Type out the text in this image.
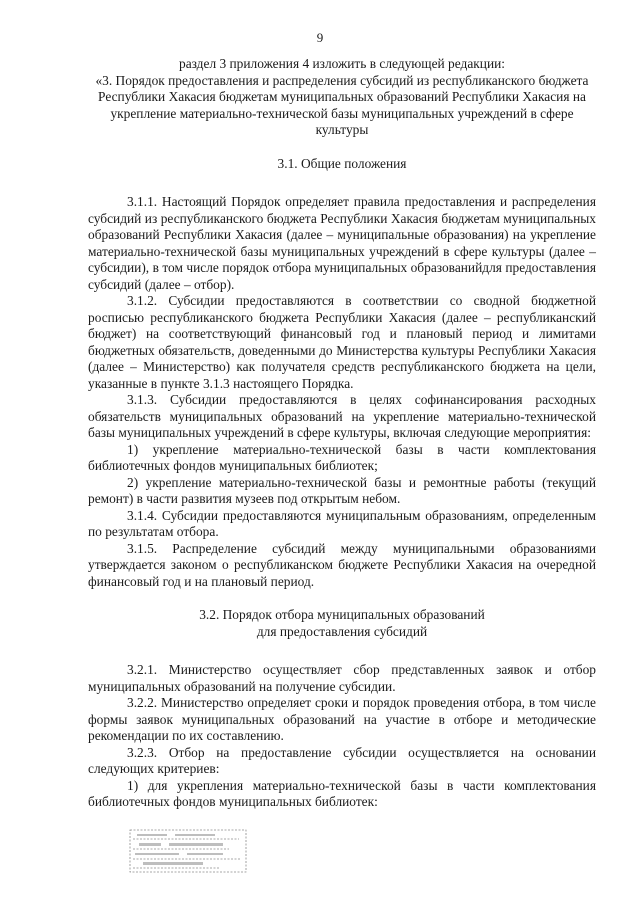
9

раздел 3 приложения 4 изложить в следующей редакции:

«3. Порядок предоставления и распределения субсидий из республиканского бюджета Республики Хакасия бюджетам муниципальных образований Республики Хакасия на укрепление материально-технической базы муниципальных учреждений в сфере культуры

3.1. Общие положения

3.1.1. Настоящий Порядок определяет правила предоставления и распределения субсидий из республиканского бюджета Республики Хакасия бюджетам муниципальных образований Республики Хакасия (далее – муниципальные образования) на укрепление материально-технической базы муниципальных учреждений в сфере культуры (далее – субсидии), в том числе порядок отбора муниципальных образованийдля предоставления субсидий (далее – отбор).

3.1.2. Субсидии предоставляются в соответствии со сводной бюджетной росписью республиканского бюджета Республики Хакасия (далее – республиканский бюджет) на соответствующий финансовый год и плановый период и лимитами бюджетных обязательств, доведенными до Министерства культуры Республики Хакасия (далее – Министерство) как получателя средств республиканского бюджета на цели, указанные в пункте 3.1.3 настоящего Порядка.

3.1.3. Субсидии предоставляются в целях софинансирования расходных обязательств муниципальных образований на укрепление материально-технической базы муниципальных учреждений в сфере культуры, включая следующие мероприятия:

1) укрепление материально-технической базы в части комплектования библиотечных фондов муниципальных библиотек;

2) укрепление материально-технической базы и ремонтные работы (текущий ремонт) в части развития музеев под открытым небом.

3.1.4. Субсидии предоставляются муниципальным образованиям, определенным по результатам отбора.

3.1.5. Распределение субсидий между муниципальными образованиями утверждается законом о республиканском бюджете Республики Хакасия на очередной финансовый год и на плановый период.

3.2. Порядок отбора муниципальных образований
для предоставления субсидий

3.2.1. Министерство осуществляет сбор представленных заявок и отбор муниципальных образований на получение субсидии.

3.2.2. Министерство определяет сроки и порядок проведения отбора, в том числе формы заявок муниципальных образований на участие в отборе и методические рекомендации по их составлению.

3.2.3. Отбор на предоставление субсидии осуществляется на основании следующих критериев:

1) для укрепления материально-технической базы в части комплектования библиотечных фондов муниципальных библиотек:
